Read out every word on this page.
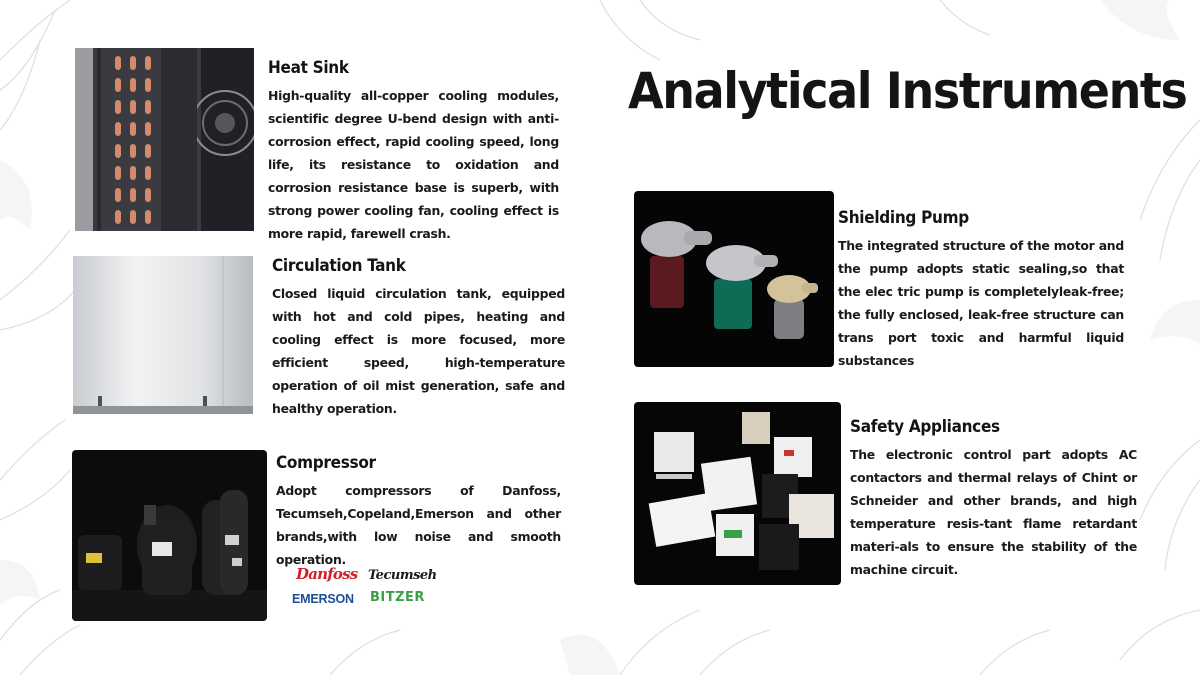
Analytical Instruments
Heat Sink

High-quality all-copper cooling modules, scientific degree U-bend design with anti-corrosion effect, rapid cooling speed, long life, its resistance to oxidation and corrosion resistance base is superb, with strong power cooling fan, cooling effect is more rapid, farewell crash.

Circulation Tank

Closed liquid circulation tank, equipped with hot and cold pipes, heating and cooling effect is more focused, more efficient speed, high-temperature operation of oil mist generation, safe and healthy operation.

Compressor

Adopt compressors of Danfoss, Tecumseh,Copeland,Emerson and other brands,with low noise and smooth operation.

Danfoss Tecumseh
EMERSON BITZER
Shielding Pump

The integrated structure of the motor and the pump adopts static sealing,so that the elec tric pump is completelyleak-free; the fully enclosed, leak-free structure can trans port toxic and harmful liquid substances

Safety Appliances

The electronic control part adopts AC contactors and thermal relays of Chint or Schneider and other brands, and high temperature resis-tant flame retardant materi-als to ensure the stability of the machine circuit.
